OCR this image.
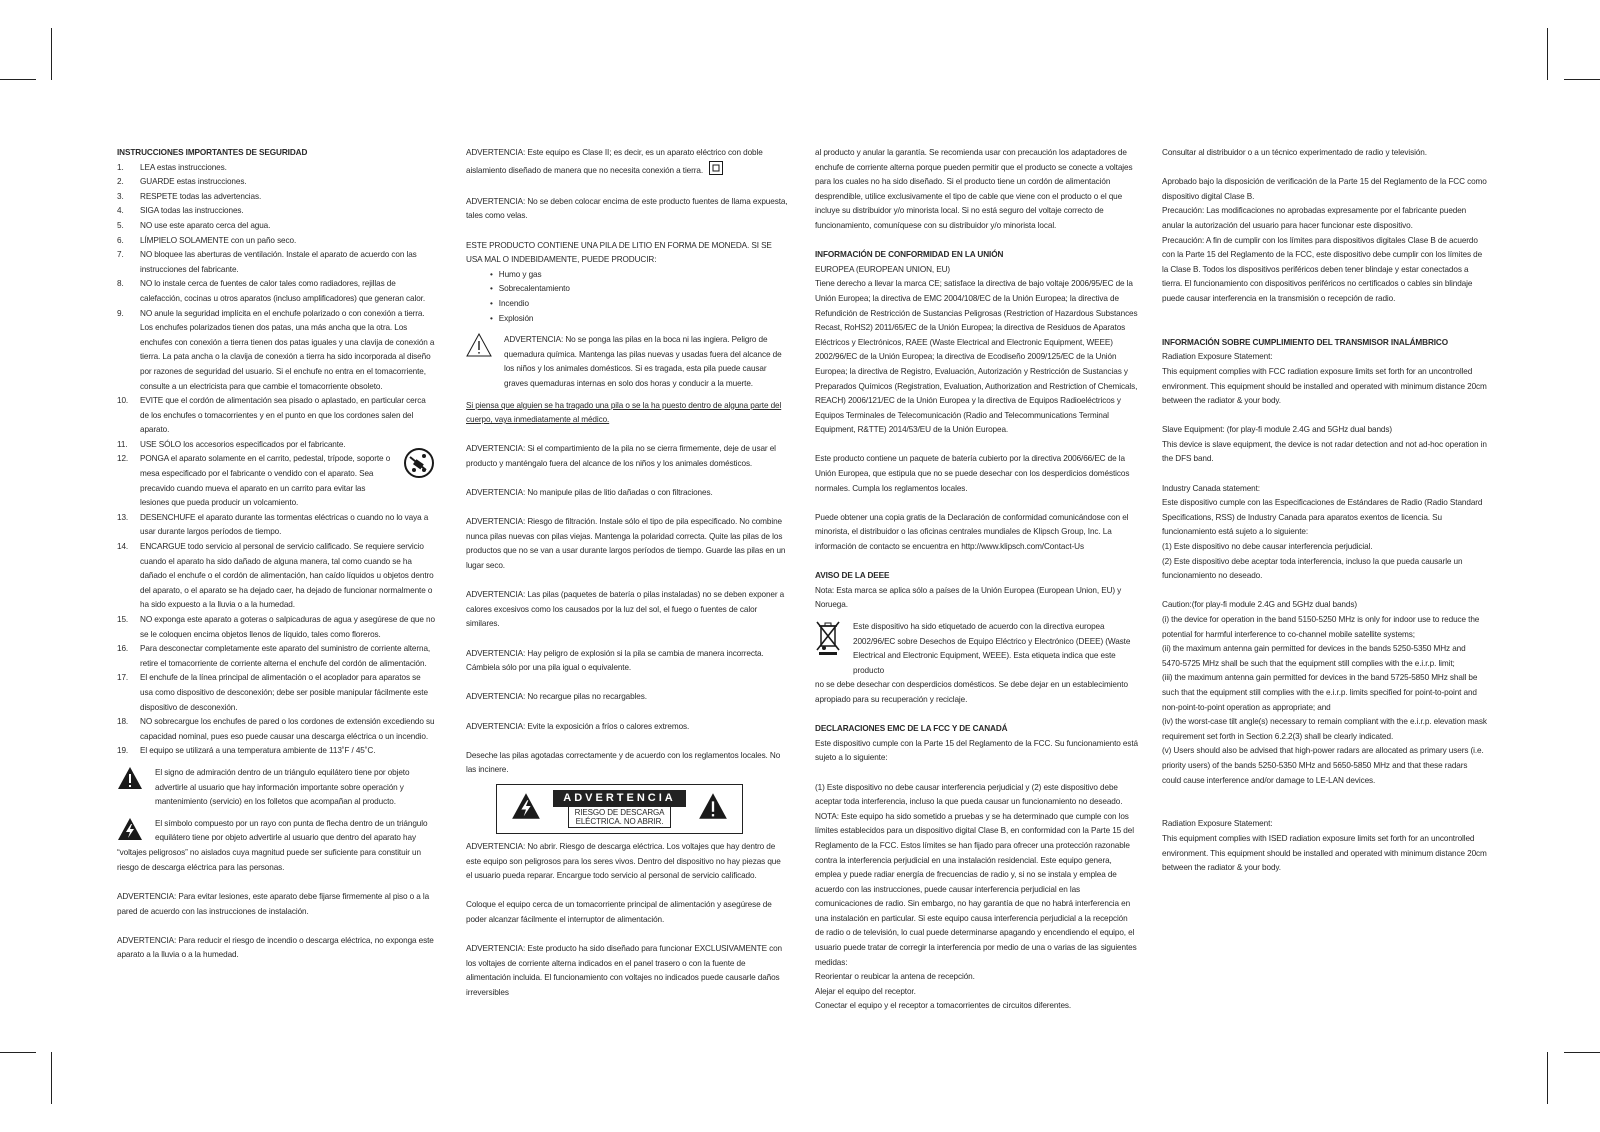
INSTRUCCIONES IMPORTANTES DE SEGURIDAD

1.	LEA estas instrucciones.
2.	GUARDE estas instrucciones.
3.	RESPETE todas las advertencias.
4.	SIGA todas las instrucciones.
5.	NO use este aparato cerca del agua.
6.	LÍMPIELO SOLAMENTE con un paño seco.
7.	NO bloquee las aberturas de ventilación. Instale el aparato de acuerdo con las instrucciones del fabricante.
8.	NO lo instale cerca de fuentes de calor tales como radiadores, rejillas de calefacción, cocinas u otros aparatos (incluso amplificadores) que generan calor.
9.	NO anule la seguridad implícita en el enchufe polarizado o con conexión a tierra. Los enchufes polarizados tienen dos patas, una más ancha que la otra. Los enchufes con conexión a tierra tienen dos patas iguales y una clavija de conexión a tierra. La pata ancha o la clavija de conexión a tierra ha sido incorporada al diseño por razones de seguridad del usuario. Si el enchufe no entra en el tomacorriente, consulte a un electricista para que cambie el tomacorriente obsoleto.
10.	EVITE que el cordón de alimentación sea pisado o aplastado, en particular cerca de los enchufes o tomacorrientes y en el punto en que los cordones salen del aparato.
11.	USE SÓLO los accesorios especificados por el fabricante.
12.	PONGA el aparato solamente en el carrito, pedestal, trípode, soporte o mesa especificado por el fabricante o vendido con el aparato. Sea precavido cuando mueva el aparato en un carrito para evitar las lesiones que pueda producir un volcamiento.
13.	DESENCHUFE el aparato durante las tormentas eléctricas o cuando no lo vaya a usar durante largos períodos de tiempo.
14.	ENCARGUE todo servicio al personal de servicio calificado. Se requiere servicio cuando el aparato ha sido dañado de alguna manera, tal como cuando se ha dañado el enchufe o el cordón de alimentación, han caído líquidos u objetos dentro del aparato, o el aparato se ha dejado caer, ha dejado de funcionar normalmente o ha sido expuesto a la lluvia o a la humedad.
15.	NO exponga este aparato a goteras o salpicaduras de agua y asegúrese de que no se le coloquen encima objetos llenos de líquido, tales como floreros.
16.	Para desconectar completamente este aparato del suministro de corriente alterna, retire el tomacorriente de corriente alterna el enchufe del cordón de alimentación.
17.	El enchufe de la línea principal de alimentación o el acoplador para aparatos se usa como dispositivo de desconexión; debe ser posible manipular fácilmente este dispositivo de desconexión.
18.	NO sobrecargue los enchufes de pared o los cordones de extensión excediendo su capacidad nominal, pues eso puede causar una descarga eléctrica o un incendio.
19.	El equipo se utilizará a una temperatura ambiente de 113˚F / 45˚C.

El signo de admiración dentro de un triángulo equilátero tiene por objeto advertirle al usuario que hay información importante sobre operación y mantenimiento (servicio) en los folletos que acompañan al producto.

El símbolo compuesto por un rayo con punta de flecha dentro de un triángulo equilátero tiene por objeto advertirle al usuario que dentro del aparato hay

“voltajes peligrosos” no aislados cuya magnitud puede ser suficiente para constituir un riesgo de descarga eléctrica para las personas.

ADVERTENCIA: Para evitar lesiones, este aparato debe fijarse firmemente al piso o a la pared de acuerdo con las instrucciones de instalación.

ADVERTENCIA: Para reducir el riesgo de incendio o descarga eléctrica, no exponga este aparato a la lluvia o a la humedad.

ADVERTENCIA: Este equipo es Clase II; es decir, es un aparato eléctrico con doble aislamiento diseñado de manera que no necesita conexión a tierra.

ADVERTENCIA: No se deben colocar encima de este producto fuentes de llama expuesta, tales como velas.

ESTE PRODUCTO CONTIENE UNA PILA DE LITIO EN FORMA DE MONEDA. SI SE USA MAL O INDEBIDAMENTE, PUEDE PRODUCIR:

• Humo y gas
• Sobrecalentamiento
• Incendio
• Explosión

ADVERTENCIA: No se ponga las pilas en la boca ni las ingiera. Peligro de quemadura química. Mantenga las pilas nuevas y usadas fuera del alcance de los niños y los animales domésticos. Si es tragada, esta pila puede causar graves quemaduras internas en solo dos horas y conducir a la muerte.

Si piensa que alguien se ha tragado una pila o se la ha puesto dentro de alguna parte del cuerpo, vaya inmediatamente al médico.

ADVERTENCIA: Si el compartimiento de la pila no se cierra firmemente, deje de usar el producto y manténgalo fuera del alcance de los niños y los animales domésticos.

ADVERTENCIA: No manipule pilas de litio dañadas o con filtraciones.

ADVERTENCIA: Riesgo de filtración. Instale sólo el tipo de pila especificado. No combine nunca pilas nuevas con pilas viejas. Mantenga la polaridad correcta. Quite las pilas de los productos que no se van a usar durante largos períodos de tiempo. Guarde las pilas en un lugar seco.

ADVERTENCIA: Las pilas (paquetes de batería o pilas instaladas) no se deben exponer a calores excesivos como los causados por la luz del sol, el fuego o fuentes de calor similares.

ADVERTENCIA: Hay peligro de explosión si la pila se cambia de manera incorrecta. Cámbiela sólo por una pila igual o equivalente.

ADVERTENCIA: No recargue pilas no recargables.

ADVERTENCIA: Evite la exposición a fríos o calores extremos.

Deseche las pilas agotadas correctamente y de acuerdo con los reglamentos locales. No las incinere.

ADVERTENCIA
RIESGO DE DESCARGA
ELÉCTRICA. NO ABRIR.

ADVERTENCIA: No abrir. Riesgo de descarga eléctrica. Los voltajes que hay dentro de este equipo son peligrosos para los seres vivos. Dentro del dispositivo no hay piezas que el usuario pueda reparar. Encargue todo servicio al personal de servicio calificado.

Coloque el equipo cerca de un tomacorriente principal de alimentación y asegúrese de poder alcanzar fácilmente el interruptor de alimentación.

ADVERTENCIA: Este producto ha sido diseñado para funcionar EXCLUSIVAMENTE con los voltajes de corriente alterna indicados en el panel trasero o con la fuente de alimentación incluida. El funcionamiento con voltajes no indicados puede causarle daños irreversibles

al producto y anular la garantía. Se recomienda usar con precaución los adaptadores de enchufe de corriente alterna porque pueden permitir que el producto se conecte a voltajes para los cuales no ha sido diseñado. Si el producto tiene un cordón de alimentación desprendible, utilice exclusivamente el tipo de cable que viene con el producto o el que incluye su distribuidor y/o minorista local. Si no está seguro del voltaje correcto de funcionamiento, comuníquese con su distribuidor y/o minorista local.

INFORMACIÓN DE CONFORMIDAD EN LA UNIÓN

EUROPEA (EUROPEAN UNION, EU)

Tiene derecho a llevar la marca CE; satisface la directiva de bajo voltaje 2006/95/EC de la Unión Europea; la directiva de EMC 2004/108/EC de la Unión Europea; la directiva de Refundición de Restricción de Sustancias Peligrosas (Restriction of Hazardous Substances Recast, RoHS2) 2011/65/EC de la Unión Europea; la directiva de Residuos de Aparatos Eléctricos y Electrónicos, RAEE (Waste Electrical and Electronic Equipment, WEEE) 2002/96/EC de la Unión Europea; la directiva de Ecodiseño 2009/125/EC de la Unión Europea; la directiva de Registro, Evaluación, Autorización y Restricción de Sustancias y Preparados Químicos (Registration, Evaluation, Authorization and Restriction of Chemicals, REACH) 2006/121/EC de la Unión Europea y la directiva de Equipos Radioeléctricos y Equipos Terminales de Telecomunicación (Radio and Telecommunications Terminal Equipment, R&TTE) 2014/53/EU de la Unión Europea.

Este producto contiene un paquete de batería cubierto por la directiva 2006/66/EC de la Unión Europea, que estipula que no se puede desechar con los desperdicios domésticos normales. Cumpla los reglamentos locales.

Puede obtener una copia gratis de la Declaración de conformidad comunicándose con el minorista, el distribuidor o las oficinas centrales mundiales de Klipsch Group, Inc. La información de contacto se encuentra en http://www.klipsch.com/Contact-Us

AVISO DE LA DEEE

Nota: Esta marca se aplica sólo a países de la Unión Europea (European Union, EU) y Noruega.

Este dispositivo ha sido etiquetado de acuerdo con la directiva europea 2002/96/EC sobre Desechos de Equipo Eléctrico y Electrónico (DEEE) (Waste Electrical and Electronic Equipment, WEEE). Esta etiqueta indica que este producto

no se debe desechar con desperdicios domésticos. Se debe dejar en un establecimiento apropiado para su recuperación y reciclaje.

DECLARACIONES EMC DE LA FCC Y DE CANADÁ

Este dispositivo cumple con la Parte 15 del Reglamento de la FCC. Su funcionamiento está sujeto a lo siguiente:

(1) Este dispositivo no debe causar interferencia perjudicial y (2) este dispositivo debe aceptar toda interferencia, incluso la que pueda causar un funcionamiento no deseado.

NOTA: Este equipo ha sido sometido a pruebas y se ha determinado que cumple con los límites establecidos para un dispositivo digital Clase B, en conformidad con la Parte 15 del Reglamento de la FCC. Estos límites se han fijado para ofrecer una protección razonable contra la interferencia perjudicial en una instalación residencial. Este equipo genera, emplea y puede radiar energía de frecuencias de radio y, si no se instala y emplea de acuerdo con las instrucciones, puede causar interferencia perjudicial en las comunicaciones de radio. Sin embargo, no hay garantía de que no habrá interferencia en una instalación en particular. Si este equipo causa interferencia perjudicial a la recepción de radio o de televisión, lo cual puede determinarse apagando y encendiendo el equipo, el usuario puede tratar de corregir la interferencia por medio de una o varias de las siguientes medidas:

Reorientar o reubicar la antena de recepción.

Alejar el equipo del receptor.

Conectar el equipo y el receptor a tomacorrientes de circuitos diferentes.

Consultar al distribuidor o a un técnico experimentado de radio y televisión.

Aprobado bajo la disposición de verificación de la Parte 15 del Reglamento de la FCC como dispositivo digital Clase B.

Precaución: Las modificaciones no aprobadas expresamente por el fabricante pueden anular la autorización del usuario para hacer funcionar este dispositivo.

Precaución: A fin de cumplir con los límites para dispositivos digitales Clase B de acuerdo con la Parte 15 del Reglamento de la FCC, este dispositivo debe cumplir con los límites de la Clase B. Todos los dispositivos periféricos deben tener blindaje y estar conectados a tierra. El funcionamiento con dispositivos periféricos no certificados o cables sin blindaje puede causar interferencia en la transmisión o recepción de radio.

INFORMACIÓN SOBRE CUMPLIMIENTO DEL TRANSMISOR INALÁMBRICO

Radiation Exposure Statement:

This equipment complies with FCC radiation exposure limits set forth for an uncontrolled environment. This equipment should be installed and operated with minimum distance 20cm between the radiator & your body.

Slave Equipment: (for play-fi module 2.4G and 5GHz dual bands)

This device is slave equipment, the device is not radar detection and not ad-hoc operation in the DFS band.

Industry Canada statement:

Este dispositivo cumple con las Especificaciones de Estándares de Radio (Radio Standard Specifications, RSS) de Industry Canada para aparatos exentos de licencia. Su funcionamiento está sujeto a lo siguiente:

(1) Este dispositivo no debe causar interferencia perjudicial.

(2) Este dispositivo debe aceptar toda interferencia, incluso la que pueda causarle un funcionamiento no deseado.

Caution:(for play-fi module 2.4G and 5GHz dual bands)

(i) the device for operation in the band 5150-5250 MHz is only for indoor use to reduce the potential for harmful interference to co-channel mobile satellite systems;

(ii) the maximum antenna gain permitted for devices in the bands 5250-5350 MHz and 5470-5725 MHz shall be such that the equipment still complies with the e.i.r.p. limit;

(iii) the maximum antenna gain permitted for devices in the band 5725-5850 MHz shall be such that the equipment still complies with the e.i.r.p. limits specified for point-to-point and non-point-to-point operation as appropriate; and

(iv) the worst-case tilt angle(s) necessary to remain compliant with the e.i.r.p. elevation mask requirement set forth in Section 6.2.2(3) shall be clearly indicated.

(v) Users should also be advised that high-power radars are allocated as primary users (i.e. priority users) of the bands 5250-5350 MHz and 5650-5850 MHz and that these radars could cause interference and/or damage to LE-LAN devices.

Radiation Exposure Statement:

This equipment complies with ISED radiation exposure limits set forth for an uncontrolled environment. This equipment should be installed and operated with minimum distance 20cm between the radiator & your body.
